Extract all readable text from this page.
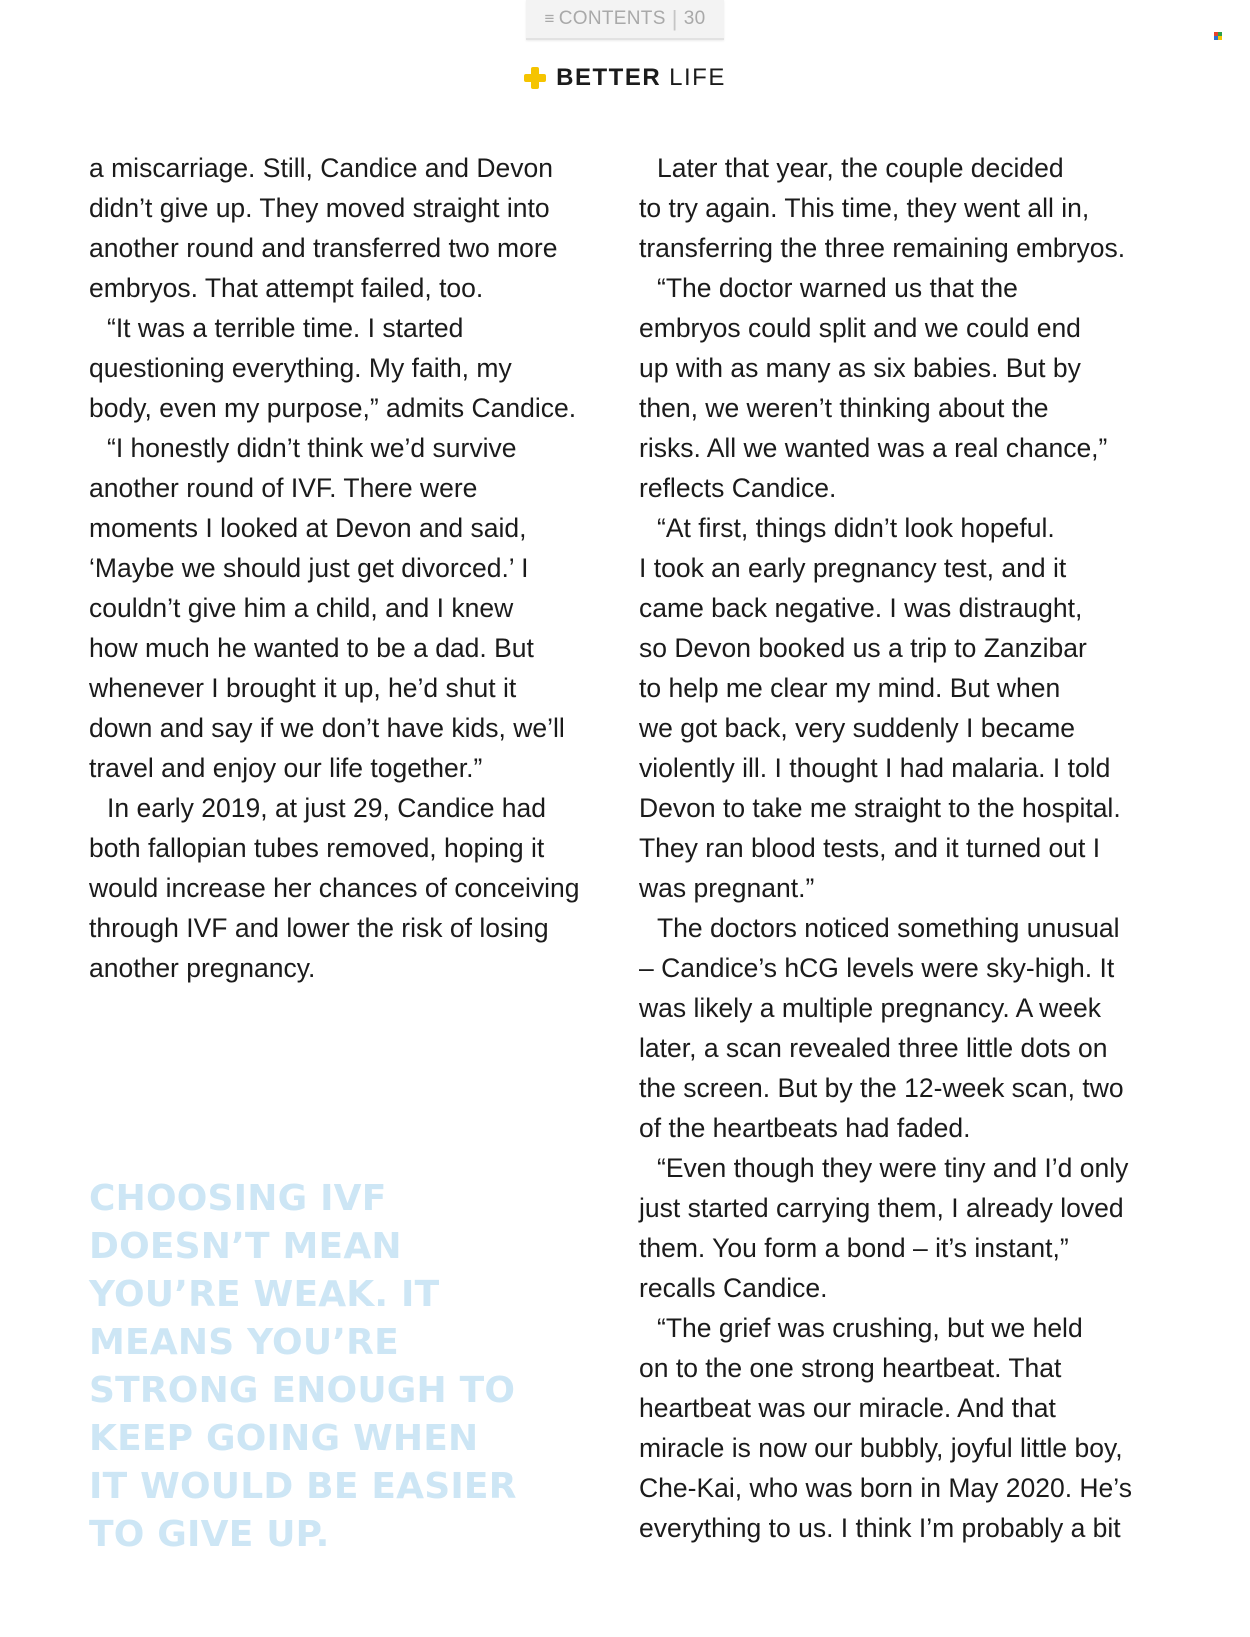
≡ CONTENTS | 30
BETTER LIFE
a miscarriage. Still, Candice and Devon
didn’t give up. They moved straight into
another round and transferred two more
embryos. That attempt failed, too.
“It was a terrible time. I started
questioning everything. My faith, my
body, even my purpose,” admits Candice.
“I honestly didn’t think we’d survive
another round of IVF. There were
moments I looked at Devon and said,
‘Maybe we should just get divorced.’ I
couldn’t give him a child, and I knew
how much he wanted to be a dad. But
whenever I brought it up, he’d shut it
down and say if we don’t have kids, we’ll
travel and enjoy our life together.”
In early 2019, at just 29, Candice had
both fallopian tubes removed, hoping it
would increase her chances of conceiving
through IVF and lower the risk of losing
another pregnancy.
Later that year, the couple decided
to try again. This time, they went all in,
transferring the three remaining embryos.
“The doctor warned us that the
embryos could split and we could end
up with as many as six babies. But by
then, we weren’t thinking about the
risks. All we wanted was a real chance,”
reflects Candice.
“At first, things didn’t look hopeful.
I took an early pregnancy test, and it
came back negative. I was distraught,
so Devon booked us a trip to Zanzibar
to help me clear my mind. But when
we got back, very suddenly I became
violently ill. I thought I had malaria. I told
Devon to take me straight to the hospital.
They ran blood tests, and it turned out I
was pregnant.”
The doctors noticed something unusual
– Candice’s hCG levels were sky-high. It
was likely a multiple pregnancy. A week
later, a scan revealed three little dots on
the screen. But by the 12-week scan, two
of the heartbeats had faded.
“Even though they were tiny and I’d only
just started carrying them, I already loved
them. You form a bond – it’s instant,”
recalls Candice.
“The grief was crushing, but we held
on to the one strong heartbeat. That
heartbeat was our miracle. And that
miracle is now our bubbly, joyful little boy,
Che-Kai, who was born in May 2020. He’s
everything to us. I think I’m probably a bit
CHOOSING IVF
DOESN’T MEAN
YOU’RE WEAK. IT
MEANS YOU’RE
STRONG ENOUGH TO
KEEP GOING WHEN
IT WOULD BE EASIER
TO GIVE UP.
